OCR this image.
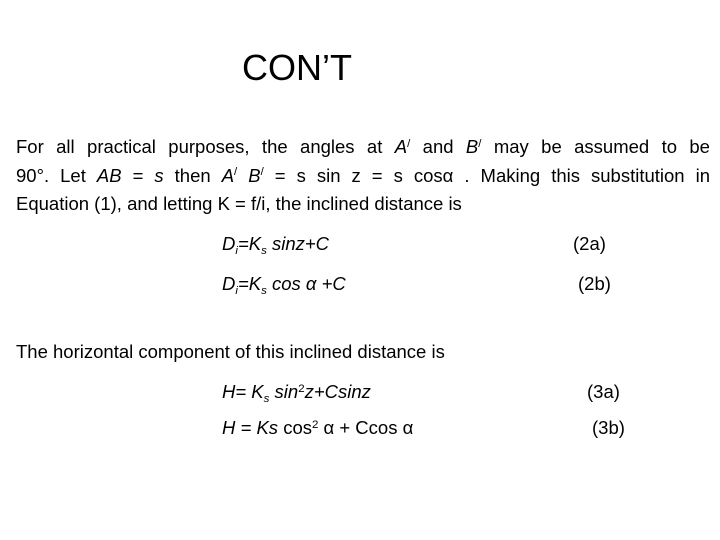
CON’T
For all practical purposes, the angles at A/ and B/ may be assumed to be
90°. Let AB = s then A/ B/ = s sin z = s cosα . Making this substitution in
Equation (1), and letting K = f/i, the inclined distance is
$D_i=K_s$ sinz+C	(2a)
$D_i=K_s$ cos α +C	(2b)
The horizontal component of this inclined distance is
$H= K_s$ $\sin^2z+Csinz$	(3a)
H = Ks $\cos^2 \alpha + Ccos$ α	(3b)
